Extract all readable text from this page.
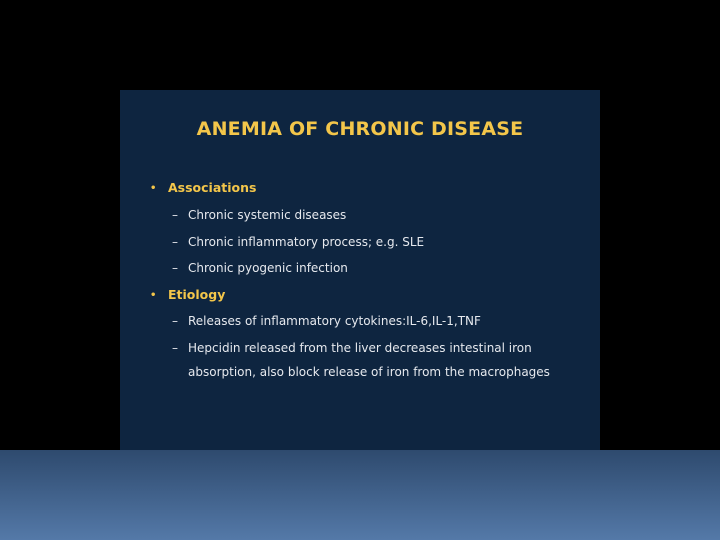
ANEMIA OF CHRONIC DISEASE
• Associations
– Chronic systemic diseases
– Chronic inflammatory process; e.g. SLE
– Chronic pyogenic infection
• Etiology
– Releases of inflammatory cytokines:IL-6,IL-1,TNF
– Hepcidin released from the liver decreases intestinal iron
absorption, also block release of iron from the macrophages
